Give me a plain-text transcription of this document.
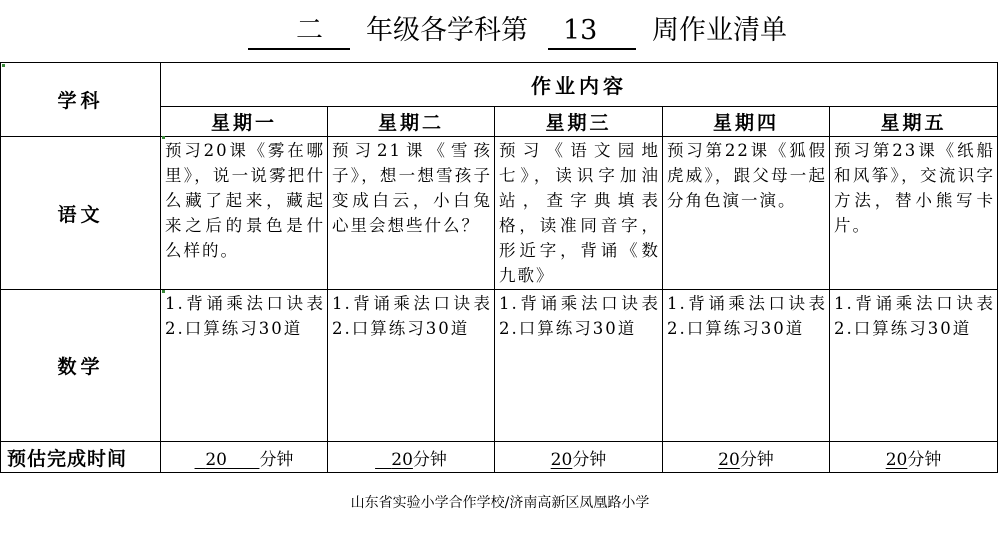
二 年级各学科第 13 周作业清单
学科	作业内容				
	星期一	星期二	星期三	星期四	星期五
语文	预习20课《雾在哪里》，说一说雾把什么藏了起来，藏起来之后的景色是什么样的。	预习21课《雪孩子》，想一想雪孩子变成白云，小白兔心里会想些什么？	预习《语文园地七》，读识字加油站，查字典填表格，读准同音字，形近字，背诵《数九歌》	预习第22课《狐假虎威》，跟父母一起分角色演一演。	预习第23课《纸船和风筝》，交流识字方法，替小熊写卡片。
数学	1.背诵乘法口诀表 2.口算练习30道	1.背诵乘法口诀表 2.口算练习30道	1.背诵乘法口诀表 2.口算练习30道	1.背诵乘法口诀表 2.口算练习30道	1.背诵乘法口诀表 2.口算练习30道
预估完成时间	20 分钟	20分钟	20分钟	20分钟	20分钟
山东省实验小学合作学校/济南高新区凤凰路小学
